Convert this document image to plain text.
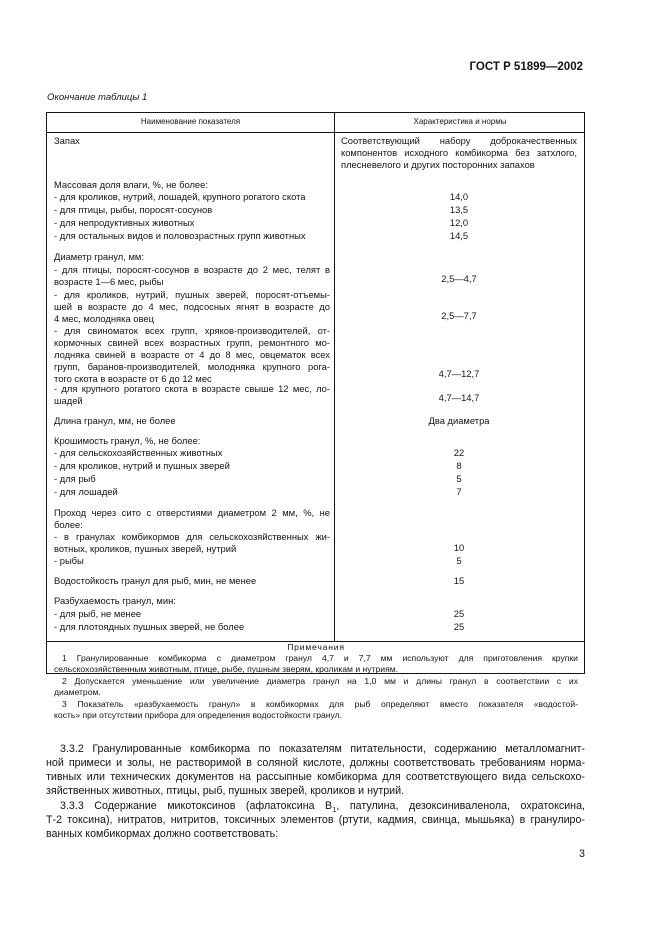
ГОСТ Р 51899—2002
Окончание таблицы 1
Наименование показателя	Характеристика и нормы
Запах	Соответствующий набору доброкачественных
компонентов исходного комбикорма без затхлого,
плесневелого и других посторонних запахов
Массовая доля влаги, %, не более:
- для кроликов, нутрий, лошадей, крупного рогатого скота	14,0
- для птицы, рыбы, поросят-сосунов	13,5
- для непродуктивных животных	12,0
- для остальных видов и половозрастных групп животных	14,5
Диаметр гранул, мм:
- для птицы, поросят-сосунов в возрасте до 2 мес, телят в
возрасте 1—6 мес, рыбы	2,5—4,7
- для кроликов, нутрий, пушных зверей, поросят-отъемы-
шей в возрасте до 4 мес, подсосных ягнят в возрасте до
4 мес, молодняка овец	2,5—7,7
- для свиноматок всех групп, хряков-производителей, от-
кормочных свиней всех возрастных групп, ремонтного мо-
лодняка свиней в возрасте от 4 до 8 мес, овцематок всех
групп, баранов-производителей, молодняка крупного рога-
того скота в возрасте от 6 до 12 мес	4,7—12,7
- для крупного рогатого скота в возрасте свыше 12 мес, ло-
шадей	4,7—14,7
Длина гранул, мм, не более	Два диаметра
Крошимость гранул, %, не более:
- для сельскохозяйственных животных	22
- для кроликов, нутрий и пушных зверей	8
- для рыб	5
- для лошадей	7
Проход через сито с отверстиями диаметром 2 мм, %, не
более:
- в гранулах комбикормов для сельскохозяйственных жи-
вотных, кроликов, пушных зверей, нутрий	10
- рыбы	5
Водостойкость гранул для рыб, мин, не менее	15
Разбухаемость гранул, мин:
- для рыб, не менее	25
- для плотоядных пушных зверей, не более	25
Примечания
1 Гранулированные комбикорма с диаметром гранул 4,7 и 7,7 мм используют для приготовления крупки
сельскохозяйственным животным, птице, рыбе, пушным зверям, кроликам и нутриям.
2 Допускается уменьшение или увеличение диаметра гранул на 1,0 мм и длины гранул в соответствии с их
диаметром.
3 Показатель «разбухаемость гранул» в комбикормах для рыб определяют вместо показателя «водостой-
кость» при отсутствии прибора для определения водостойкости гранул.
3.3.2 Гранулированные комбикорма по показателям питательности, содержанию металломагнит-
ной примеси и золы, не растворимой в соляной кислоте, должны соответствовать требованиям норма-
тивных или технических документов на рассыпные комбикорма для соответствующего вида сельскохо-
зяйственных животных, птицы, рыб, пушных зверей, кроликов и нутрий.
3.3.3 Содержание микотоксинов (афлатоксина $B_1$, патулина, дезоксиниваленола, охратоксина,
Т-2 токсина), нитратов, нитритов, токсичных элементов (ртути, кадмия, свинца, мышьяка) в гранулиро-
ванных комбикормах должно соответствовать:
3
